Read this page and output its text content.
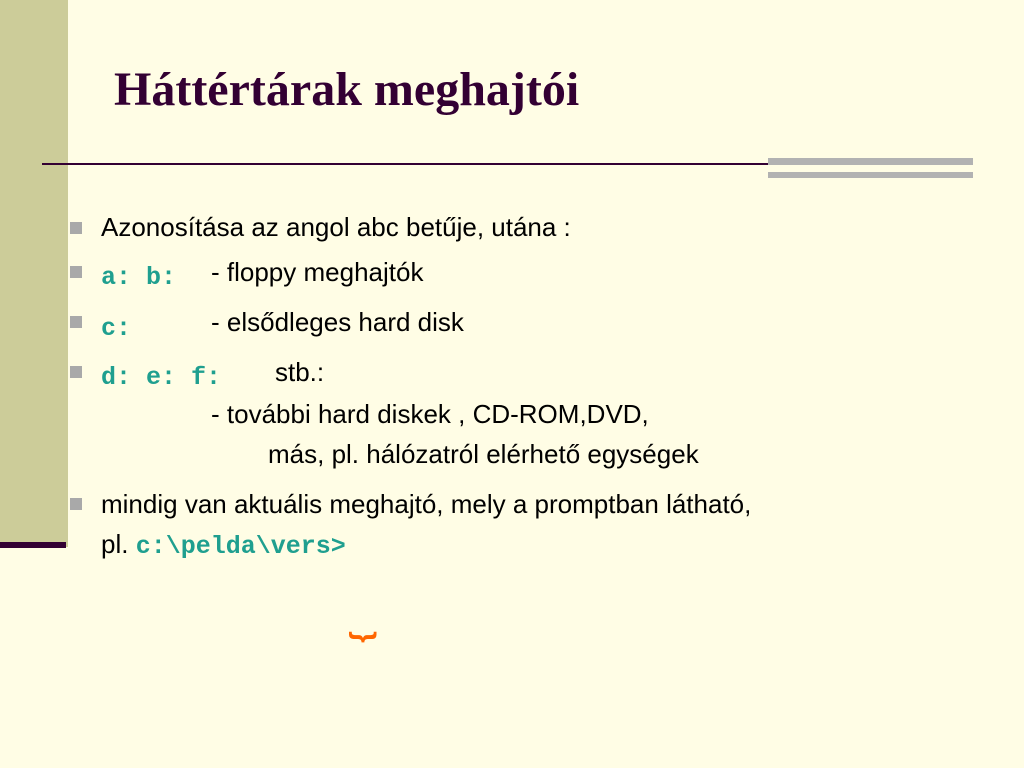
Háttértárak meghajtói
Azonosítása az angol abc betűje, utána :
a: b: - floppy meghajtók
c:	- elsődleges hard disk
d: e: f: stb.:
- további hard diskek , CD-ROM,DVD,
más, pl. hálózatról elérhető egységek
mindig van aktuális meghajtó, mely a promptban látható,
pl. c:\pelda\vers>
}
